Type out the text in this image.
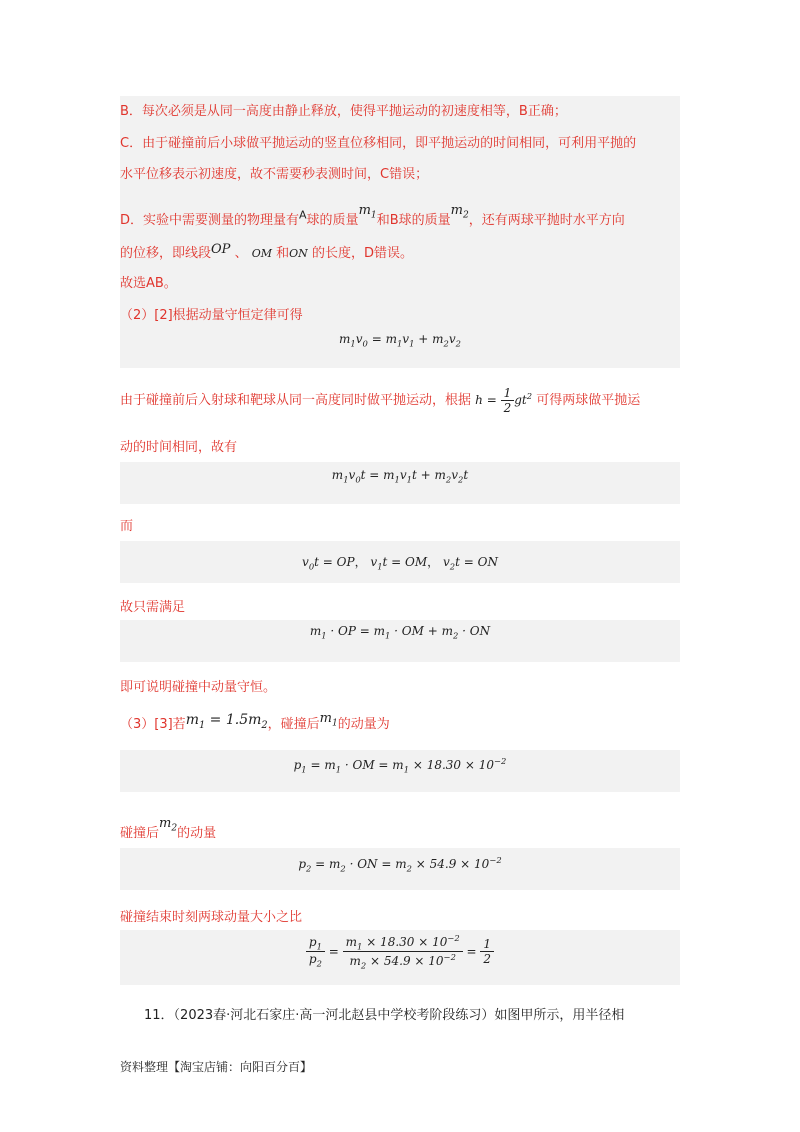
B．每次必须是从同一高度由静止释放，使得平抛运动的初速度相等，B正确；
C．由于碰撞前后小球做平抛运动的竖直位移相同，即平抛运动的时间相同，可利用平抛的
水平位移表示初速度，故不需要秒表测时间，C错误；
D．实验中需要测量的物理量有$^A$球的质量$m_1$和B球的质量$m_2$，还有两球平抛时水平方向
的位移，即线段OP 、 OM 和ON 的长度，D错误。
故选AB。
（2）[2]根据动量守恒定律可得
$m_1v_0 = m_1v_1 + m_2v_2$
由于碰撞前后入射球和靶球从同一高度同时做平抛运动，根据 $h = \frac{1}{2} gt^2$ 可得两球做平抛运
动的时间相同，故有
$m_1v_0t = m_1v_1t + m_2v_2t$
而
$v_0t$ = OP， $v_1t$ = OM， $v_2t$ = ON
故只需满足
$m_1$ · OP = $m_1$ · OM + $m_2$ · ON
即可说明碰撞中动量守恒。
（3）[3]若$m_1 = 1.5m_2$，碰撞后$m_1$的动量为
$p_1 = m_1$ · OM = $m_1 \times 18.30 \times 10^{-2}$
碰撞后$m_2$的动量
$p_2 = m_2$ · ON = $m_2 \times 54.9 \times 10^{-2}$
碰撞结束时刻两球动量大小之比
$\frac{p_1}{p_2} = \frac{m_1 \times 18.30 \times 10^{-2}}{m_2 \times 54.9 \times 10^{-2}} = \frac{1}{2}$
11．（2023春·河北石家庄·高一河北赵县中学校考阶段练习）如图甲所示，用半径相
资料整理【淘宝店铺：向阳百分百】
